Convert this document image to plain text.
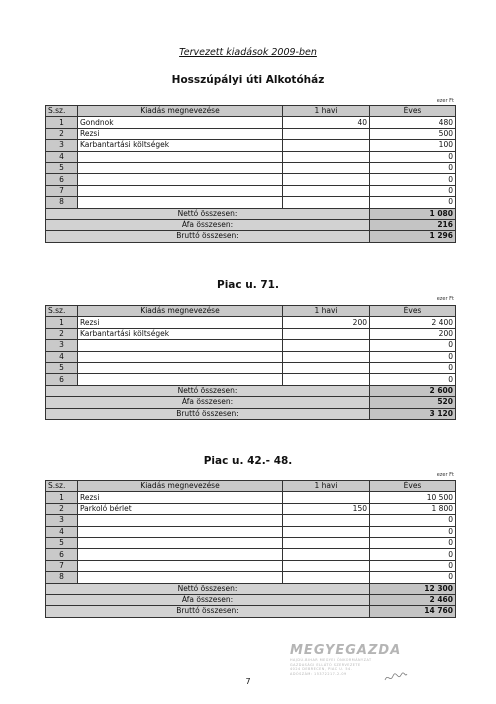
Tervezett kiadások 2009-ben
Hosszúpályi úti Alkotóház
ezer Ft
S.sz.	Kiadás megnevezése	1 havi	Éves
1	Gondnok	40	480
2	Rezsi		500
3	Karbantartási költségek		100
4			0
5			0
6			0
7			0
8			0
Nettó összesen:			1 080
Áfa összesen:			216
Bruttó összesen:			1 296
Piac u. 71.
ezer Ft
S.sz.	Kiadás megnevezése	1 havi	Éves
1	Rezsi	200	2 400
2	Karbantartási költségek		200
3			0
4			0
5			0
6			0
Nettó összesen:			2 600
Áfa összesen:			520
Bruttó összesen:			3 120
Piac u. 42.- 48.
ezer Ft
S.sz.	Kiadás megnevezése	1 havi	Éves
1	Rezsi		10 500
2	Parkoló bérlet	150	1 800
3			0
4			0
5			0
6			0
7			0
8			0
Nettó összesen:			12 300
Áfa összesen:			2 460
Bruttó összesen:			14 760
MEGYEGAZDA
HAJDÚ-BIHAR MEGYEI ÖNKORMÁNYZAT
GAZDASÁGI ELLÁTÓ SZERVEZETE
4024 DEBRECEN, PIAC U. 54.
ADÓSZÁM: 15372217-2-09
7
